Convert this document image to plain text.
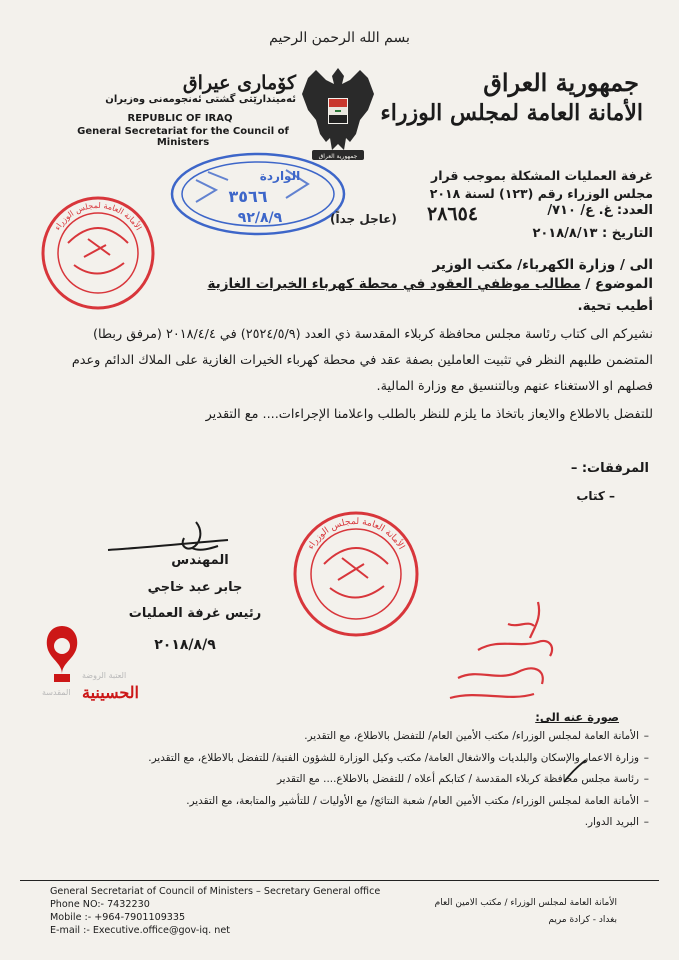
بسم الله الرحمن الرحيم
كۆماری عیراق
ئه‌ميندارێتی گشتی ئه‌نجومه‌نی وه‌زیران
REPUBLIC OF IRAQ
General Secretariat for the Council of Ministers
جمهورية العراق
الأمانة العامة لمجلس الوزراء
جمهورية العراق
الواردة
٣٥٦٦
٩٢/٨/٩
الأمانة العامة لمجلس الوزراء
(عاجل جداً)
غرفة العمليات المشكلة بموجب قرار
مجلس الوزراء رقم (١٢٣) لسنة ٢٠١٨
العدد: غ. ع/ ٧١٠/
٢٨٦٥٤
التاريخ : ٢٠١٨/٨/١٣
الى / وزارة الكهرباء/ مكتب الوزير
الموضوع / مطالب موظفي العقود في محطة كهرباء الخيرات الغازية
أطيب تحية.
نشيركم الى كتاب رئاسة مجلس محافظة كربلاء المقدسة ذي العدد (٢٥٢٤/٥/٩) في ٢٠١٨/٤/٤ (مرفق ربطا) المتضمن طلبهم النظر في تثبيت العاملين بصفة عقد في محطة كهرباء الخيرات الغازية على الملاك الدائم وعدم فصلهم او الاستغناء عنهم وبالتنسيق مع وزارة المالية.
للتفضل بالاطلاع والايعاز باتخاذ ما يلزم للنظر بالطلب واعلامنا الإجراءات.... مع التقدير
المرفقات: –
– كتاب
المهندس
جابر عبد خاجي
رئيس غرفة العمليات
٢٠١٨/٨/٩
الأمانة العامة لمجلس الوزراء
العتبة الروضة
الحسينية
المقدسة
صورة عنه الى:
–
الأمانة العامة لمجلس الوزراء/ مكتب الأمين العام/ للتفضل بالاطلاع، مع التقدير.
–
وزارة الاعمار والإسكان والبلديات والاشغال العامة/ مكتب وكيل الوزارة للشؤون الفنية/ للتفضل بالاطلاع، مع التقدير.
–
رئاسة مجلس محافظة كربلاء المقدسة / كتابكم أعلاه / للتفضل بالاطلاع.... مع التقدير
–
الأمانة العامة لمجلس الوزراء/ مكتب الأمين العام/ شعبة النتائج/ مع الأوليات / للتأشير والمتابعة، مع التقدير.
–
البريد الدوار.
General Secretariat of Council of Ministers – Secretary General office
Phone NO:- 7432230
Mobile :- +964-7901109335
E-mail :- Executive.office@gov-iq. net
الأمانة العامة لمجلس الوزراء / مكتب الامين العام
بغداد - كرادة مريم
